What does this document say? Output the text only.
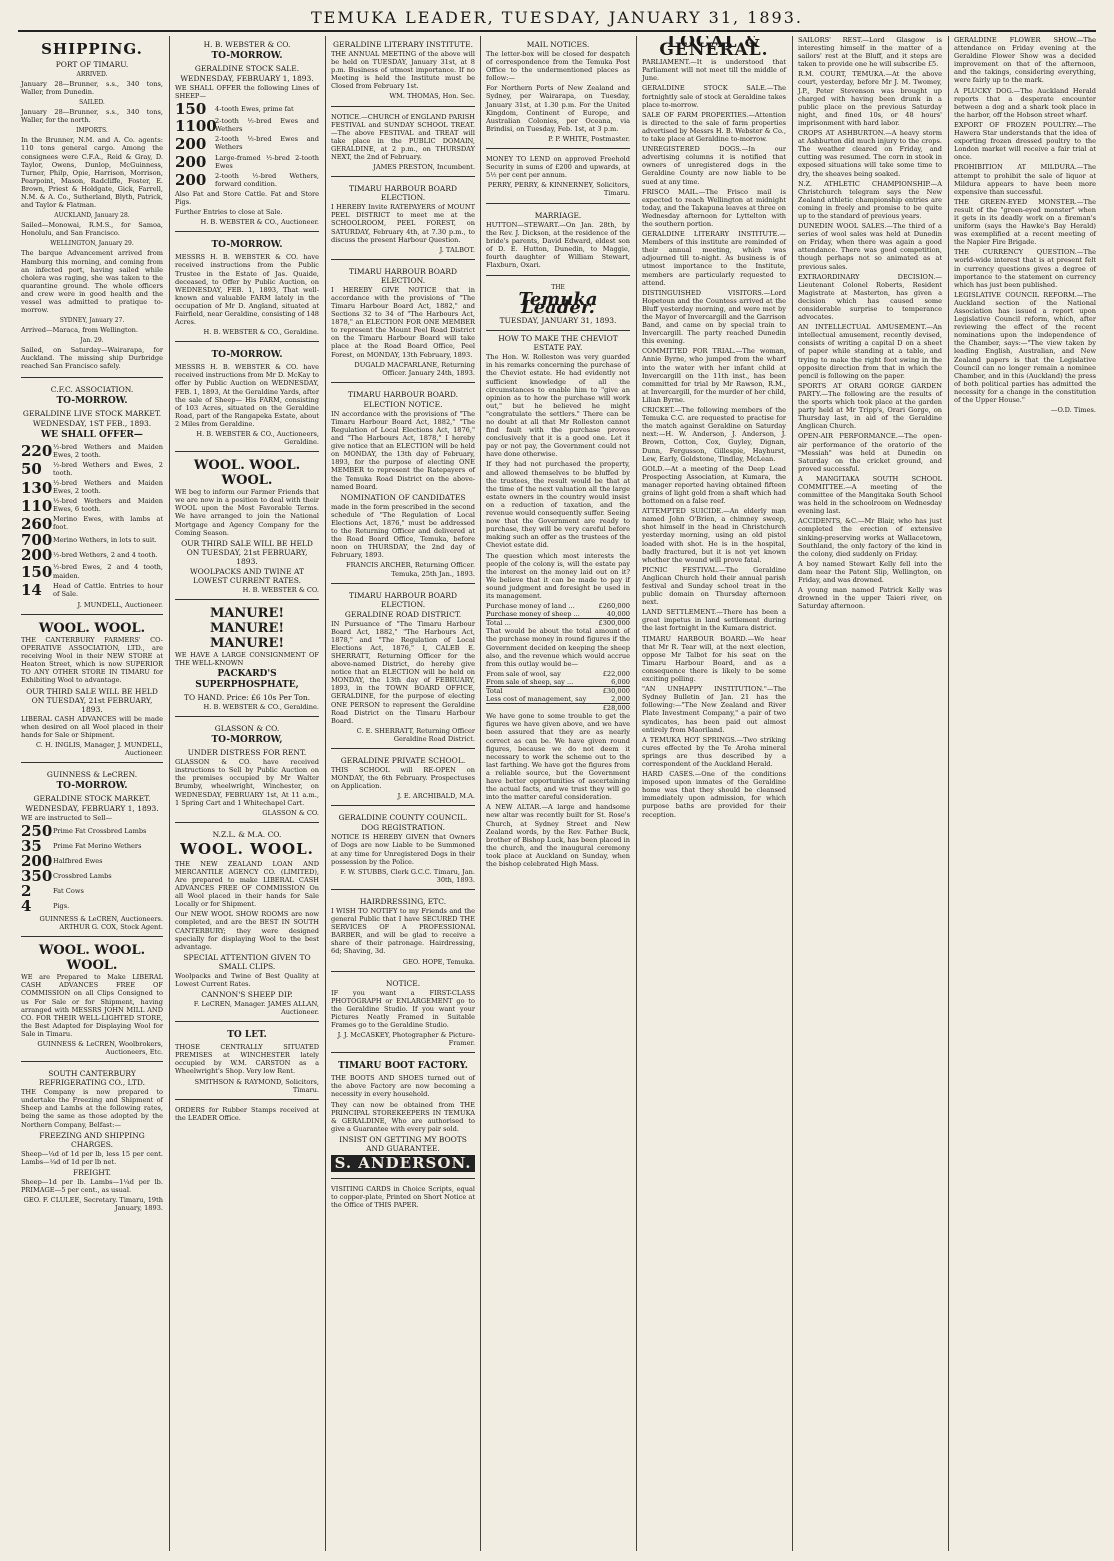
TEMUKA LEADER, TUESDAY, JANUARY 31, 1893.
SHIPPING.
PORT OF TIMARU.
ARRIVED.
January 28—Brunner, s.s., 340 tons, Waller, from Dunedin.
SAILED.
January 28—Brunner, s.s., 340 tons, Waller, for the north.
IMPORTS.
In the Brunner, N.M. and A. Co. agents: 110 tons general cargo. Among the consignees were C.F.A., Reid & Gray, D. Taylor, Owens, Dunlop, McGuinness, Turner, Philp, Opie, Harrison, Morrison, Pearpoint, Mason, Radcliffe, Foster, E. Brown, Priest & Holdgate, Gick, Farrell, N.M. & A. Co., Sutherland, Blyth, Patrick, and Taylor & Flatman.
AUCKLAND, January 28.
Sailed—Monowai, R.M.S., for Samoa, Honolulu, and San Francisco.
WELLINGTON, January 29.
The barque Advancement arrived from Hamburg this morning, and coming from an infected port, having sailed while cholera was raging, she was taken to the quarantine ground. The whole officers and crew were in good health and the vessel was admitted to pratique to-morrow.
SYDNEY, January 27.
Arrived—Maraca, from Wellington.
Jan. 29.
Sailed, on Saturday—Wairarapa, for Auckland. The missing ship Durbridge reached San Francisco safely.
C.F.C. ASSOCIATION.
TO-MORROW.
GERALDINE LIVE STOCK MARKET.
WEDNESDAY, 1ST FEB., 1893.
WE SHALL OFFER—
220 ½-bred Wethers and Maiden Ewes, 2 tooth.
50	½-bred Wethers and Ewes, 2 tooth.
130 ½-bred Wethers and Maiden Ewes, 2 tooth.
110 ½-bred Wethers and Maiden Ewes, 6 tooth.
260 Merino Ewes, with lambs at foot.
700 Merino Wethers, in lots to suit.
200 ½-bred Wethers, 2 and 4 tooth.
150 ½-bred Ewes, 2 and 4 tooth, maiden.
14	Head of Cattle. Entries to hour of Sale.
J. MUNDELL, Auctioneer.
WOOL. WOOL.
THE CANTERBURY FARMERS' CO-OPERATIVE ASSOCIATION, LTD., are receiving Wool in their NEW STORE at Heaton Street, which is now SUPERIOR TO ANY OTHER STORE IN TIMARU for Exhibiting Wool to advantage.
OUR THIRD SALE WILL BE HELD ON TUESDAY, 21st FEBRUARY, 1893.
LIBERAL CASH ADVANCES will be made when desired on all Wool placed in their hands for Sale or Shipment.
C. H. INGLIS, Manager, J. MUNDELL, Auctioneer.
GUINNESS & LeCREN.
TO-MORROW.
GERALDINE STOCK MARKET.
WEDNESDAY, FEBRUARY 1, 1893.
WE are instructed to Sell—
250 Prime Fat Crossbred Lambs
35	Prime Fat Merino Wethers
200 Halfbred Ewes
350 Crossbred Lambs
2	Fat Cows
4	Pigs.
GUINNESS & LeCREN, Auctioneers. ARTHUR G. COX, Stock Agent.
WOOL. WOOL. WOOL.
WE are Prepared to Make LIBERAL CASH ADVANCES FREE OF COMMISSION on all Clips Consigned to us For Sale or for Shipment, having arranged with MESSRS JOHN MILL AND CO. FOR THEIR WELL-LIGHTED STORE, the Best Adapted for Displaying Wool for Sale in Timaru.
GUINNESS & LeCREN, Woolbrokers, Auctioneers, Etc.
SOUTH CANTERBURY REFRIGERATING CO., LTD.
THE Company is now prepared to undertake the Freezing and Shipment of Sheep and Lambs at the following rates, being the same as those adopted by the Northern Company, Belfast:—
FREEZING AND SHIPPING CHARGES.
Sheep—¼d of 1d per lb, less 15 per cent. Lambs—¼d of 1d per lb net.
FREIGHT.
Sheep—1d per lb. Lambs—1¼d per lb. PRIMAGE—5 per cent., as usual.
GEO. F. CLULEE, Secretary. Timaru, 19th January, 1893.
H. B. WEBSTER & CO.
TO-MORROW.
GERALDINE STOCK SALE.
WEDNESDAY, FEBRUARY 1, 1893.
WE SHALL OFFER the following Lines of SHEEP—
150	4-tooth Ewes, prime fat
1100
2-tooth ½-bred Ewes and Wethers
200	2-tooth ½-bred Ewes and Wethers
200	Large-framed ½-bred 2-tooth Ewes
200	2-tooth ½-bred Wethers, forward condition.
Also Fat and Store Cattle. Fat and Store Pigs.
Further Entries to close at Sale.
H. B. WEBSTER & CO., Auctioneer.
TO-MORROW.
MESSRS H. B. WEBSTER & CO. have received instructions from the Public Trustee in the Estate of Jas. Quaide, deceased, to Offer by Public Auction, on WEDNESDAY, FEB. 1, 1893, That well-known and valuable FARM lately in the occupation of Mr D. Angland, situated at Fairfield, near Geraldine, consisting of 148 Acres.
H. B. WEBSTER & CO., Geraldine.
TO-MORROW.
MESSRS H. B. WEBSTER & CO. have received instructions from Mr D. McKay to offer by Public Auction on WEDNESDAY, FEB. 1, 1893, At the Geraldine Yards, after the sale of Sheep— His FARM, consisting of 103 Acres, situated on the Geraldine Road, part of the Rangapeka Estate, about 2 Miles from Geraldine.
H. B. WEBSTER & CO., Auctioneers, Geraldine.
WOOL. WOOL. WOOL.
WE beg to inform our Farmer Friends that we are now in a position to deal with their WOOL upon the Most Favorable Terms. We have arranged to join the National Mortgage and Agency Company for the Coming Season.
OUR THIRD SALE WILL BE HELD ON TUESDAY, 21st FEBRUARY, 1893.
WOOLPACKS AND TWINE AT LOWEST CURRENT RATES.
H. B. WEBSTER & CO.
MANURE! MANURE! MANURE!
WE HAVE A LARGE CONSIGNMENT OF THE WELL-KNOWN
PACKARD'S SUPERPHOSPHATE,
TO HAND. Price: £6 10s Per Ton.
H. B. WEBSTER & CO., Geraldine.
GLASSON & CO.
TO-MORROW,
UNDER DISTRESS FOR RENT.
GLASSON & CO. have received instructions to Sell by Public Auction on the premises occupied by Mr Walter Brumby, wheelwright, Winchester, on WEDNESDAY, FEBRUARY 1st, At 11 a.m., 1 Spring Cart and 1 Whitechapel Cart.
GLASSON & CO.
N.Z.L. & M.A. CO.
WOOL. WOOL.
THE NEW ZEALAND LOAN AND MERCANTILE AGENCY CO. (LIMITED), Are prepared to make LIBERAL CASH ADVANCES FREE OF COMMISSION On all Wool placed in their hands for Sale Locally or for Shipment.
Our NEW WOOL SHOW ROOMS are now completed, and are the BEST IN SOUTH CANTERBURY; they were designed specially for displaying Wool to the best advantage.
SPECIAL ATTENTION GIVEN TO SMALL CLIPS.
Woolpacks and Twine of Best Quality at Lowest Current Rates.
CANNON'S SHEEP DIP.
F. LeCREN, Manager. JAMES ALLAN, Auctioneer.
TO LET.
THOSE CENTRALLY SITUATED PREMISES at WINCHESTER lately occupied by W.M. CARSTON as a Wheelwright's Shop. Very low Rent.
SMITHSON & RAYMOND, Solicitors, Timaru.
ORDERS for Rubber Stamps received at the LEADER Office.
GERALDINE LITERARY INSTITUTE.
THE ANNUAL MEETING of the above will be held on TUESDAY, January 31st, at 8 p.m. Business of utmost importance. If no Meeting is held the Institute must be Closed from February 1st.
WM. THOMAS, Hon. Sec.
NOTICE.—CHURCH of ENGLAND PARISH FESTIVAL and SUNDAY SCHOOL TREAT.—The above FESTIVAL and TREAT will take place in the PUBLIC DOMAIN, GERALDINE, at 2 p.m., on THURSDAY NEXT, the 2nd of February.
JAMES PRESTON, Incumbent.
TIMARU HARBOUR BOARD ELECTION.
I HEREBY Invite RATEPAYERS of MOUNT PEEL DISTRICT to meet me at the SCHOOLROOM, PEEL FOREST, on SATURDAY, February 4th, at 7.30 p.m., to discuss the present Harbour Question.
J. TALBOT.
TIMARU HARBOUR BOARD ELECTION.
I HEREBY GIVE NOTICE that in accordance with the provisions of "The Timaru Harbour Board Act, 1882," and Sections 32 to 34 of "The Harbours Act, 1878," an ELECTION FOR ONE MEMBER to represent the Mount Peel Road District on the Timaru Harbour Board will take place at the Road Board Office, Peel Forest, on MONDAY, 13th February, 1893.
DUGALD MACFARLANE, Returning Officer. January 24th, 1893.
TIMARU HARBOUR BOARD.
ELECTION NOTICE.
IN accordance with the provisions of "The Timaru Harbour Board Act, 1882," "The Regulation of Local Elections Act, 1876," and "The Harbours Act, 1878," I hereby give notice that an ELECTION will be held on MONDAY, the 13th day of February, 1893, for the purpose of electing ONE MEMBER to represent the Ratepayers of the Temuka Road District on the above-named Board.
NOMINATION OF CANDIDATES
made in the form prescribed in the second schedule of "The Regulation of Local Elections Act, 1876," must be addressed to the Returning Officer and delivered at the Road Board Office, Temuka, before noon on THURSDAY, the 2nd day of February, 1893.
FRANCIS ARCHER, Returning Officer. Temuka, 25th Jan., 1893.
TIMARU HARBOUR BOARD ELECTION.
GERALDINE ROAD DISTRICT.
IN Pursuance of "The Timaru Harbour Board Act, 1882," "The Harbours Act, 1878," and "The Regulation of Local Elections Act, 1876," I, CALEB E. SHERRATT, Returning Officer for the above-named District, do hereby give notice that an ELECTION will be held on MONDAY, the 13th day of FEBRUARY, 1893, in the TOWN BOARD OFFICE, GERALDINE, for the purpose of electing ONE PERSON to represent the Geraldine Road District on the Timaru Harbour Board.
C. E. SHERRATT, Returning Officer Geraldine Road District.
GERALDINE PRIVATE SCHOOL.
THIS SCHOOL will RE-OPEN on MONDAY, the 6th February. Prospectuses on Application.
J. E. ARCHIBALD, M.A.
GERALDINE COUNTY COUNCIL.
DOG REGISTRATION.
NOTICE IS HEREBY GIVEN that Owners of Dogs are now Liable to be Summoned at any time for Unregistered Dogs in their possession by the Police.
F. W. STUBBS, Clerk G.C.C. Timaru, Jan. 30th, 1893.
HAIRDRESSING, ETC.
I WISH TO NOTIFY to my Friends and the general Public that I have SECURED THE SERVICES OF A PROFESSIONAL BARBER, and will be glad to receive a share of their patronage. Hairdressing, 6d; Shaving, 3d.
GEO. HOPE, Temuka.
NOTICE.
IF you want a FIRST-CLASS PHOTOGRAPH or ENLARGEMENT go to the Geraldine Studio. If you want your Pictures Neatly Framed in Suitable Frames go to the Geraldine Studio.
J. J. McCASKEY, Photographer & Picture-Framer.
TIMARU BOOT FACTORY.
THE BOOTS AND SHOES turned out of the above Factory are now becoming a necessity in every household.
They can now be obtained from THE PRINCIPAL STOREKEEPERS IN TEMUKA & GERALDINE, Who are authorised to give a Guarantee with every pair sold.
INSIST ON GETTING MY BOOTS AND GUARANTEE.
S. ANDERSON.
VISITING CARDS in Choice Scripts, equal to copper-plate, Printed on Short Notice at the Office of THIS PAPER.
MAIL NOTICES.
The letter-box will be closed for despatch of correspondence from the Temuka Post Office to the undermentioned places as follow:—
For Northern Ports of New Zealand and Sydney, per Wairarapa, on Tuesday, January 31st, at 1.30 p.m. For the United Kingdom, Continent of Europe, and Australian Colonies, per Oceana, via Brindisi, on Tuesday, Feb. 1st, at 3 p.m.
P. P. WHITE, Postmaster.
MONEY TO LEND on approved Freehold Security in sums of £200 and upwards, at 5½ per cent per annum.
PERRY, PERRY, & KINNERNEY, Solicitors, Timaru.
MARRIAGE.
HUTTON—STEWART.—On Jan. 28th, by the Rev. J. Dickson, at the residence of the bride's parents, David Edward, eldest son of D. E. Hutton, Dunedin, to Maggie, fourth daughter of William Stewart, Flaxburn, Oxari.
THE
Temuka Leader.
TUESDAY, JANUARY 31, 1893.
HOW TO MAKE THE CHEVIOT ESTATE PAY.
The Hon. W. Rolleston was very guarded in his remarks concerning the purchase of the Cheviot estate. He had evidently not sufficient knowledge of all the circumstances to enable him to "give an opinion as to how the purchase will work out," but he believed he might "congratulate the settlers." There can be no doubt at all that Mr Rolleston cannot find fault with the purchase proves conclusively that it is a good one. Let it pay or not pay, the Government could not have done otherwise.
If they had not purchased the property, and allowed themselves to be bluffed by the trustees, the result would be that at the time of the next valuation all the large estate owners in the country would insist on a reduction of taxation, and the revenue would consequently suffer. Seeing now that the Government are ready to purchase, they will be very careful before making such an offer as the trustees of the Cheviot estate did.
The question which most interests the people of the colony is, will the estate pay the interest on the money laid out on it? We believe that it can be made to pay if sound judgment and foresight be used in its management.
Purchase money of land ...	£260,000
Purchase money of sheep ...	40,000
Total ...	£300,000
That would be about the total amount of the purchase money in round figures if the Government decided on keeping the sheep also, and the revenue which would accrue from this outlay would be—
From sale of wool, say	£22,000
From sale of sheep, say ...	6,000
Total	£30,000
Less cost of management, say	2,000
£28,000
We have gone to some trouble to get the figures we have given above, and we have been assured that they are as nearly correct as can be. We have given round figures, because we do not deem it necessary to work the scheme out to the last farthing. We have got the figures from a reliable source, but the Government have better opportunities of ascertaining the actual facts, and we trust they will go into the matter careful consideration.
A NEW ALTAR.—A large and handsome new altar was recently built for St. Rose's Church, at Sydney Street and New Zealand words, by the Rev. Father Buck, brother of Bishop Luck, has been placed in the church, and the inaugural ceremony took place at Auckland on Sunday, when the bishop celebrated High Mass.
LOCAL & GENERAL.
PARLIAMENT.—It is understood that Parliament will not meet till the middle of June.
GERALDINE STOCK SALE.—The fortnightly sale of stock at Geraldine takes place to-morrow.
SALE OF FARM PROPERTIES.—Attention is directed to the sale of farm properties advertised by Messrs H. B. Webster & Co., to take place at Geraldine to-morrow.
UNREGISTERED DOGS.—In our advertising columns it is notified that owners of unregistered dogs in the Geraldine County are now liable to be sued at any time.
FRISCO MAIL.—The Frisco mail is expected to reach Wellington at midnight today, and the Takapuna leaves at three on Wednesday afternoon for Lyttelton with the southern portion.
GERALDINE LITERARY INSTITUTE.—Members of this institute are reminded of their annual meeting, which was adjourned till to-night. As business is of utmost importance to the Institute, members are particularly requested to attend.
DISTINGUISHED VISITORS.—Lord Hopetoun and the Countess arrived at the Bluff yesterday morning, and were met by the Mayor of Invercargill and the Garrison Band, and came on by special train to Invercargill. The party reached Dunedin this evening.
COMMITTED FOR TRIAL.—The woman, Annie Byrne, who jumped from the wharf into the water with her infant child at Invercargill on the 11th inst., has been committed for trial by Mr Rawson, R.M., at Invercargill, for the murder of her child, Lilian Byrne.
CRICKET.—The following members of the Temuka C.C. are requested to practise for the match against Geraldine on Saturday next:—H. W. Anderson, J. Anderson, J. Brown, Cotton, Cox, Guyley, Dignan, Dunn, Fergusson, Gillespie, Hayhurst, Lew, Early, Goldstone, Tindlay, McLean.
GOLD.—At a meeting of the Deep Lead Prospecting Association, at Kumara, the manager reported having obtained fifteen grains of light gold from a shaft which had bottomed on a false reef.
ATTEMPTED SUICIDE.—An elderly man named John O'Brien, a chimney sweep, shot himself in the head in Christchurch yesterday morning, using an old pistol loaded with shot. He is in the hospital, badly fractured, but it is not yet known whether the wound will prove fatal.
PICNIC FESTIVAL.—The Geraldine Anglican Church hold their annual parish festival and Sunday school treat in the public domain on Thursday afternoon next.
LAND SETTLEMENT.—There has been a great impetus in land settlement during the last fortnight in the Kumara district.
TIMARU HARBOUR BOARD.—We hear that Mr R. Tear will, at the next election, oppose Mr Talbot for his seat on the Timaru Harbour Board, and as a consequence there is likely to be some exciting polling.
"AN UNHAPPY INSTITUTION."—The Sydney Bulletin of Jan. 21 has the following:—"The New Zealand and River Plate Investment Company," a pair of two syndicates, has been paid out almost entirely from Maoriland.
A TEMUKA HOT SPRINGS.—Two striking cures effected by the Te Aroha mineral springs are thus described by a correspondent of the Auckland Herald.
HARD CASES.—One of the conditions imposed upon inmates of the Geraldine home was that they should be cleansed immediately upon admission, for which purpose baths are provided for their reception.
SAILORS' REST.—Lord Glasgow is interesting himself in the matter of a sailors' rest at the Bluff, and it steps are taken to provide one he will subscribe £5.
R.M. COURT, TEMUKA.—At the above court, yesterday, before Mr J. M. Twomey, J.P., Peter Stevenson was brought up charged with having been drunk in a public place on the previous Saturday night, and fined 10s, or 48 hours' imprisonment with hard labor.
CROPS AT ASHBURTON.—A heavy storm at Ashburton did much injury to the crops. The weather cleared on Friday, and cutting was resumed. The corn in stook in exposed situations will take some time to dry, the sheaves being soaked.
N.Z. ATHLETIC CHAMPIONSHIP.—A Christchurch telegram says the New Zealand athletic championship entries are coming in freely and promise to be quite up to the standard of previous years.
DUNEDIN WOOL SALES.—The third of a series of wool sales was held at Dunedin on Friday, when there was again a good attendance. There was good competition, though perhaps not so animated as at previous sales.
EXTRAORDINARY DECISION.—Lieutenant Colonel Roberts, Resident Magistrate at Masterton, has given a decision which has caused some considerable surprise to temperance advocates.
AN INTELLECTUAL AMUSEMENT.—An intellectual amusement, recently devised, consists of writing a capital D on a sheet of paper while standing at a table, and trying to make the right foot swing in the opposite direction from that in which the pencil is following on the paper.
SPORTS AT ORARI GORGE GARDEN PARTY.—The following are the results of the sports which took place at the garden party held at Mr Tripp's, Orari Gorge, on Thursday last, in aid of the Geraldine Anglican Church.
OPEN-AIR PERFORMANCE.—The open-air performance of the oratorio of the "Messiah" was held at Dunedin on Saturday on the cricket ground, and proved successful.
A MANGITAKA SOUTH SCHOOL COMMITTEE.—A meeting of the committee of the Mangitaka South School was held in the schoolroom on Wednesday evening last.
ACCIDENTS, &C.—Mr Blair, who has just completed the erection of extensive sinking-preserving works at Wallacetown, Southland, the only factory of the kind in the colony, died suddenly on Friday.
A boy named Stewart Kelly fell into the dam near the Patent Slip, Wellington, on Friday, and was drowned.
A young man named Patrick Kelly was drowned in the upper Taieri river, on Saturday afternoon.
GERALDINE FLOWER SHOW.—The attendance on Friday evening at the Geraldine Flower Show was a decided improvement on that of the afternoon, and the takings, considering everything, were fairly up to the mark.
A PLUCKY DOG.—The Auckland Herald reports that a desperate encounter between a dog and a shark took place in the harbor, off the Hobson street wharf.
EXPORT OF FROZEN POULTRY.—The Hawera Star understands that the idea of exporting frozen dressed poultry to the London market will receive a fair trial at once.
PROHIBITION AT MILDURA.—The attempt to prohibit the sale of liquor at Mildura appears to have been more expensive than successful.
THE GREEN-EYED MONSTER.—The result of the "green-eyed monster" when it gets in its deadly work on a fireman's uniform (says the Hawke's Bay Herald) was exemplified at a recent meeting of the Napier Fire Brigade.
THE CURRENCY QUESTION.—The world-wide interest that is at present felt in currency questions gives a degree of importance to the statement on currency which has just been published.
LEGISLATIVE COUNCIL REFORM.—The Auckland section of the National Association has issued a report upon Legislative Council reform, which, after reviewing the effect of the recent nominations upon the independence of the Chamber, says:—"The view taken by leading English, Australian, and New Zealand papers is that the Legislative Council can no longer remain a nominee Chamber, and in this (Auckland) the press of both political parties has admitted the necessity for a change in the constitution of the Upper House."
—O.D. Times.
